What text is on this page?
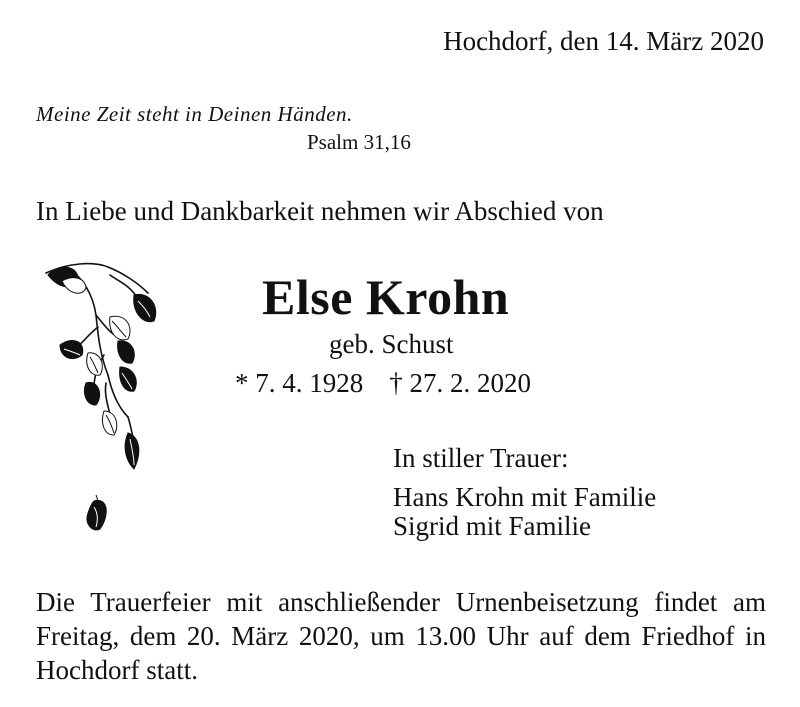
Hochdorf, den 14. März 2020
Meine Zeit steht in Deinen Händen.
Psalm 31,16
In Liebe und Dankbarkeit nehmen wir Abschied von
Else Krohn
geb. Schust
* 7. 4. 1928 † 27. 2. 2020
In stiller Trauer:
Hans Krohn mit Familie
Sigrid mit Familie
Die Trauerfeier mit anschließender Urnenbeisetzung findet am Freitag, dem 20. März 2020, um 13.00 Uhr auf dem Friedhof in Hochdorf statt.
